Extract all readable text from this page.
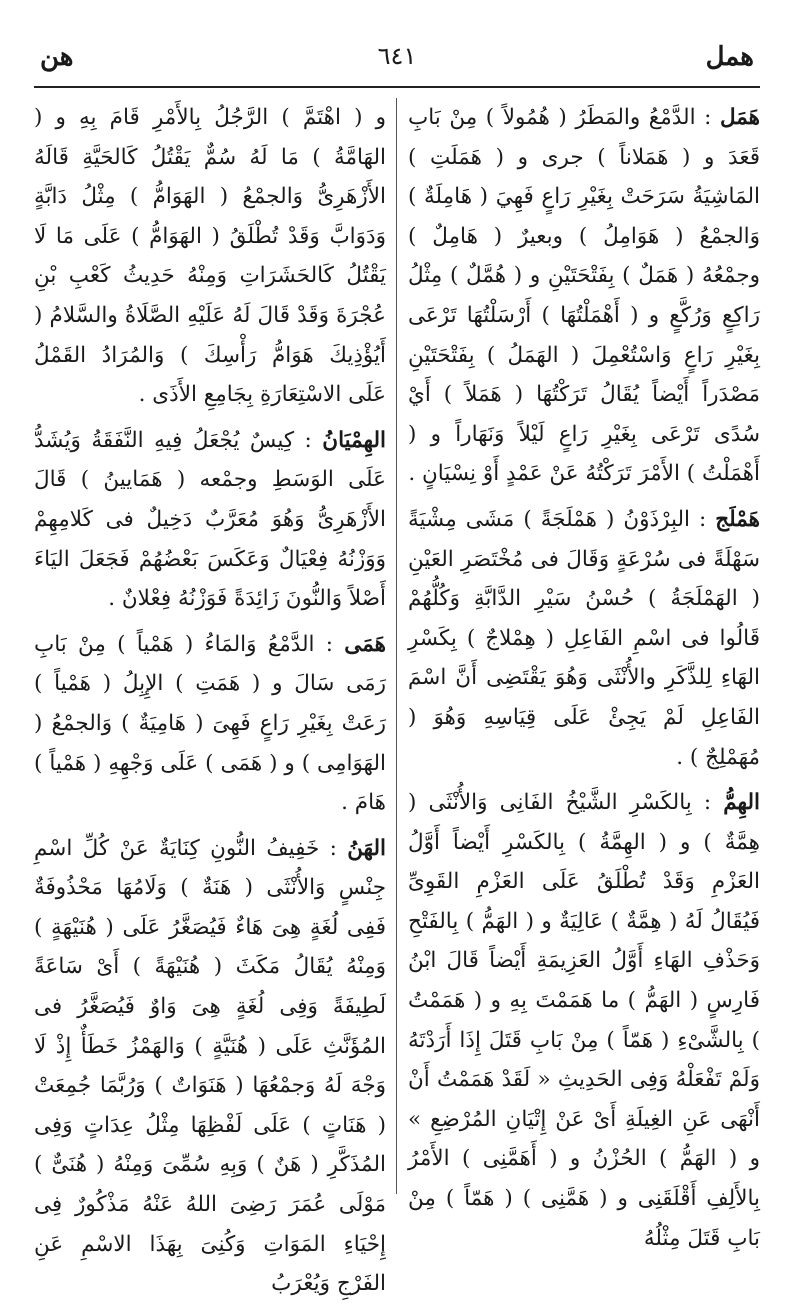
همل
٦٤١
هن

هَمَل : الدَّمْعُ والمَطَرُ ( هُمُولاً ) مِنْ بَابِ قَعَدَ و ( هَمَلاناً ) جرى و ( هَمَلَتِ ) المَاشِيَةُ سَرَحَتْ بِغَيْرِ رَاعٍ فَهِيَ ( هَامِلَةٌ ) وَالجمْعُ ( هَوَامِلُ ) وبعيرٌ ( هَامِلٌ ) وجمْعُهُ ( هَمَلٌ ) بِفَتْحَتَيْنِ و ( هُمَّلٌ ) مِثْلُ رَاكِعٍ وَرُكَّعٍ و ( أَهْمَلْتُهَا ) أَرْسَلْتُهَا تَرْعَى بِغَيْرِ رَاعٍ وَاسْتُعْمِلَ ( الهَمَلُ ) بِفَتْحَتَيْنِ مَصْدَراً أَيْضاً يُقَالُ تَرَكْتُهَا ( هَمَلاً ) أَيْ سُدًى تَرْعَى بِغَيْرِ رَاعٍ لَيْلاً وَنَهَاراً و ( أَهْمَلْتُ ) الأَمْرَ تَرَكْتُهُ عَنْ عَمْدٍ أَوْ نِسْيَانٍ .

هَمْلَج : البِرْذَوْنُ ( هَمْلَجَةً ) مَشَى مِشْيَةً سَهْلَةً فى سُرْعَةٍ وَقَالَ فى مُخْتَصَرِ العَيْنِ ( الهَمْلَجَةُ ) حُسْنُ سَيْرِ الدَّابَّةِ وَكُلُّهُمْ قَالُوا فى اسْمِ الفَاعِلِ ( هِمْلاجٌ ) بِكَسْرِ الهَاءِ لِلذَّكَرِ والأُنْثَى وَهُوَ يَقْتَضِى أَنَّ اسْمَ الفَاعِلِ لَمْ يَجِئْ عَلَى قِيَاسِهِ وَهُوَ ( مُهَمْلِجٌ ) .

الهِمُّ : بِالكَسْرِ الشَّيْخُ الفَانِى وَالأُنْثَى ( هِمَّةٌ ) و ( الهِمَّةُ ) بِالكَسْرِ أَيْضاً أَوَّلُ العَزْمِ وَقَدْ تُطْلَقُ عَلَى العَزْمِ القَوِىِّ فَيُقَالُ لَهُ ( هِمَّةٌ ) عَالِيَةٌ و ( الهَمُّ ) بِالفَتْحِ وَحَذْفِ الهَاءِ أَوَّلُ العَزِيمَةِ أَيْضاً قَالَ ابْنُ فَارِسٍ ( الهَمُّ ) ما هَمَمْتَ بِهِ و ( هَمَمْتُ ) بِالشَّىْءِ ( هَمّاً ) مِنْ بَابِ قَتَلَ إِذَا أَرَدْتَهُ وَلَمْ تَفْعَلْهُ وَفِى الحَدِيثِ « لَقَدْ هَمَمْتُ أَنْ أَنْهَى عَنِ الغِيلَةِ أَىْ عَنْ إِتْيَانِ المُرْضِعِ » و ( الهَمُّ ) الحُزْنُ و ( أَهَمَّنِى ) الأَمْرُ بِالأَلِفِ أَقْلَقَنِى و ( هَمَّنِى ) ( هَمّاً ) مِنْ بَابِ قَتَلَ مِثْلُهُ

و ( اهْتَمَّ ) الرَّجُلُ بِالأَمْرِ قَامَ بِهِ و ( الهَامَّةُ ) مَا لَهُ سُمٌّ يَقْتُلُ كَالحَيَّةِ قَالَهُ الأَزْهَرِىُّ وَالجمْعُ ( الهَوَامُّ ) مِثْلُ دَابَّةٍ وَدَوَابَّ وَقَدْ تُطْلَقُ ( الهَوَامُّ ) عَلَى مَا لَا يَقْتُلُ كَالحَشَرَاتِ وَمِنْهُ حَدِيثُ كَعْبِ بْنِ عُجْرَةَ وَقَدْ قَالَ لَهُ عَلَيْهِ الصَّلَاةُ والسَّلامُ ( أَيُؤْذِيكَ هَوَامُّ رَأْسِكَ ) وَالمُرَادُ القَمْلُ عَلَى الاسْتِعَارَةِ بِجَامِعِ الأَذَى .

الهِمْيَانُ : كِيسٌ يُجْعَلُ فِيهِ النَّفَقَةُ وَيُشَدُّ عَلَى الوَسَطِ وجمْعه ( هَمَايينُ ) قَالَ الأَزْهَرِىُّ وَهُوَ مُعَرَّبٌ دَخِيلٌ فى كَلامِهِمْ وَوَزْنُهُ فِعْيَالٌ وَعَكَسَ بَعْضُهُمْ فَجَعَلَ اليَاءَ أَصْلاً وَالنُّونَ زَائِدَةً فَوَزْنُهُ فِعْلانٌ .

هَمَى : الدَّمْعُ وَالمَاءُ ( هَمْياً ) مِنْ بَابِ رَمَى سَالَ و ( هَمَتِ ) الإِبِلُ ( هَمْياً ) رَعَتْ بِغَيْرِ رَاعٍ فَهِىَ ( هَامِيَةٌ ) وَالجمْعُ ( الهَوَامِى ) و ( هَمَى ) عَلَى وَجْهِهِ ( هَمْياً ) هَامَ .

الهَنُ : خَفِيفُ النُّونِ كِنَايَةٌ عَنْ كُلِّ اسْمِ جِنْسٍ وَالأُنْثَى ( هَنَةٌ ) وَلَامُهَا مَحْذُوفَةٌ فَفِى لُغَةٍ هِىَ هَاءٌ فَيُصَغَّرُ عَلَى ( هُنَيْهَةٍ ) وَمِنْهُ يُقَالُ مَكَثَ ( هُنَيْهَةً ) أَىْ سَاعَةً لَطِيفَةً وَفِى لُغَةٍ هِىَ وَاوٌ فَيُصَغَّرُ فى المُؤَنَّثِ عَلَى ( هُنَيَّةٍ ) وَالهَمْزُ خَطَأٌ إِذْ لَا وَجْهَ لَهُ وَجمْعُهَا ( هَنَوَاتٌ ) وَرُبَّمَا جُمِعَتْ ( هَنَاتٍ ) عَلَى لَفْظِهَا مِثْلُ عِدَاتٍ وَفِى المُذَكَّرِ ( هَنٌ ) وَبِهِ سُمِّىَ وَمِنْهُ ( هُنَىٌّ ) مَوْلَى عُمَرَ رَضِىَ اللهُ عَنْهُ مَذْكُورٌ فِى إِحْيَاءِ المَوَاتِ وَكُنِىَ بِهَذَا الاسْمِ عَنِ الفَرْجِ وَيُعْرَبُ
